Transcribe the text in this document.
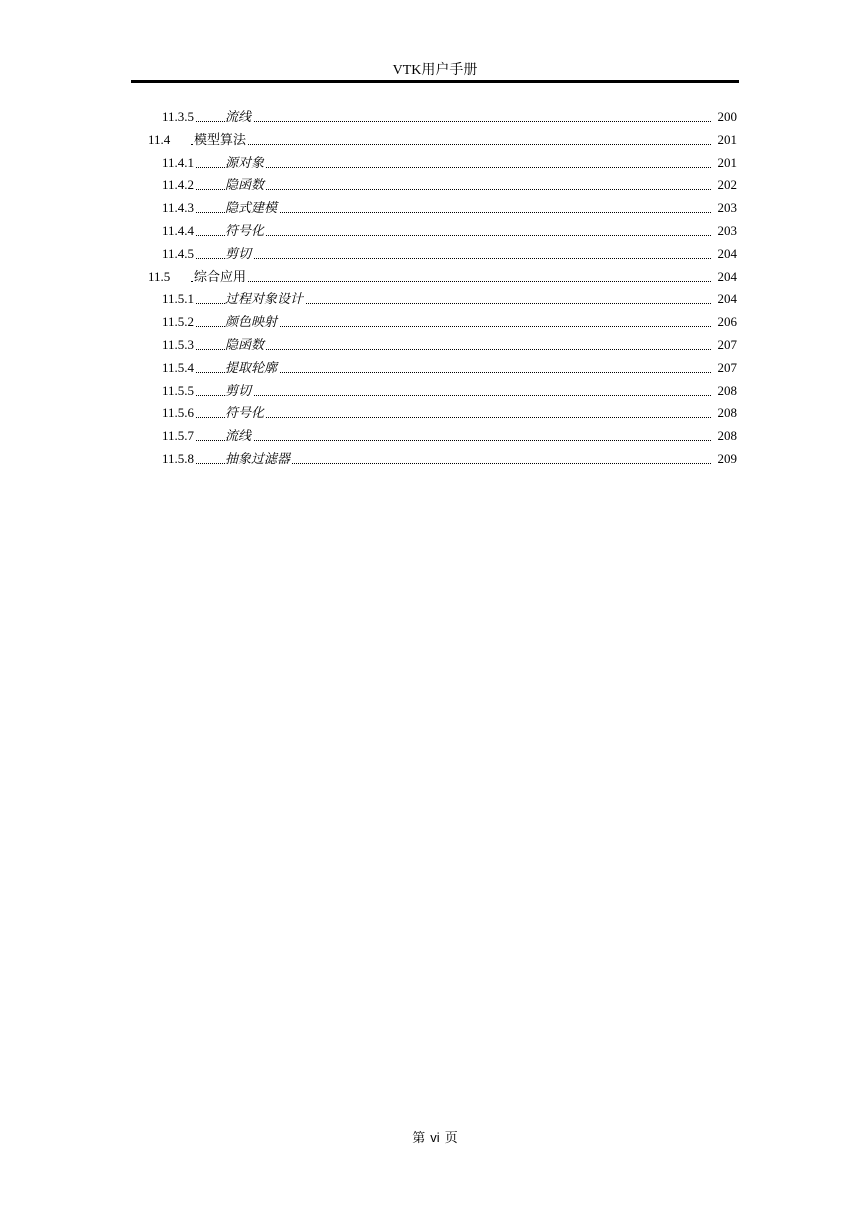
VTK用户手册
11.3.5 流线	200
11.4 模型算法	201
11.4.1 源对象	201
11.4.2 隐函数	202
11.4.3 隐式建模	203
11.4.4 符号化	203
11.4.5 剪切	204
11.5 综合应用	204
11.5.1 过程对象设计	204
11.5.2 颜色映射	206
11.5.3 隐函数	207
11.5.4 提取轮廓	207
11.5.5 剪切	208
11.5.6 符号化	208
11.5.7 流线	208
11.5.8 抽象过滤器	209
第 vi 页
